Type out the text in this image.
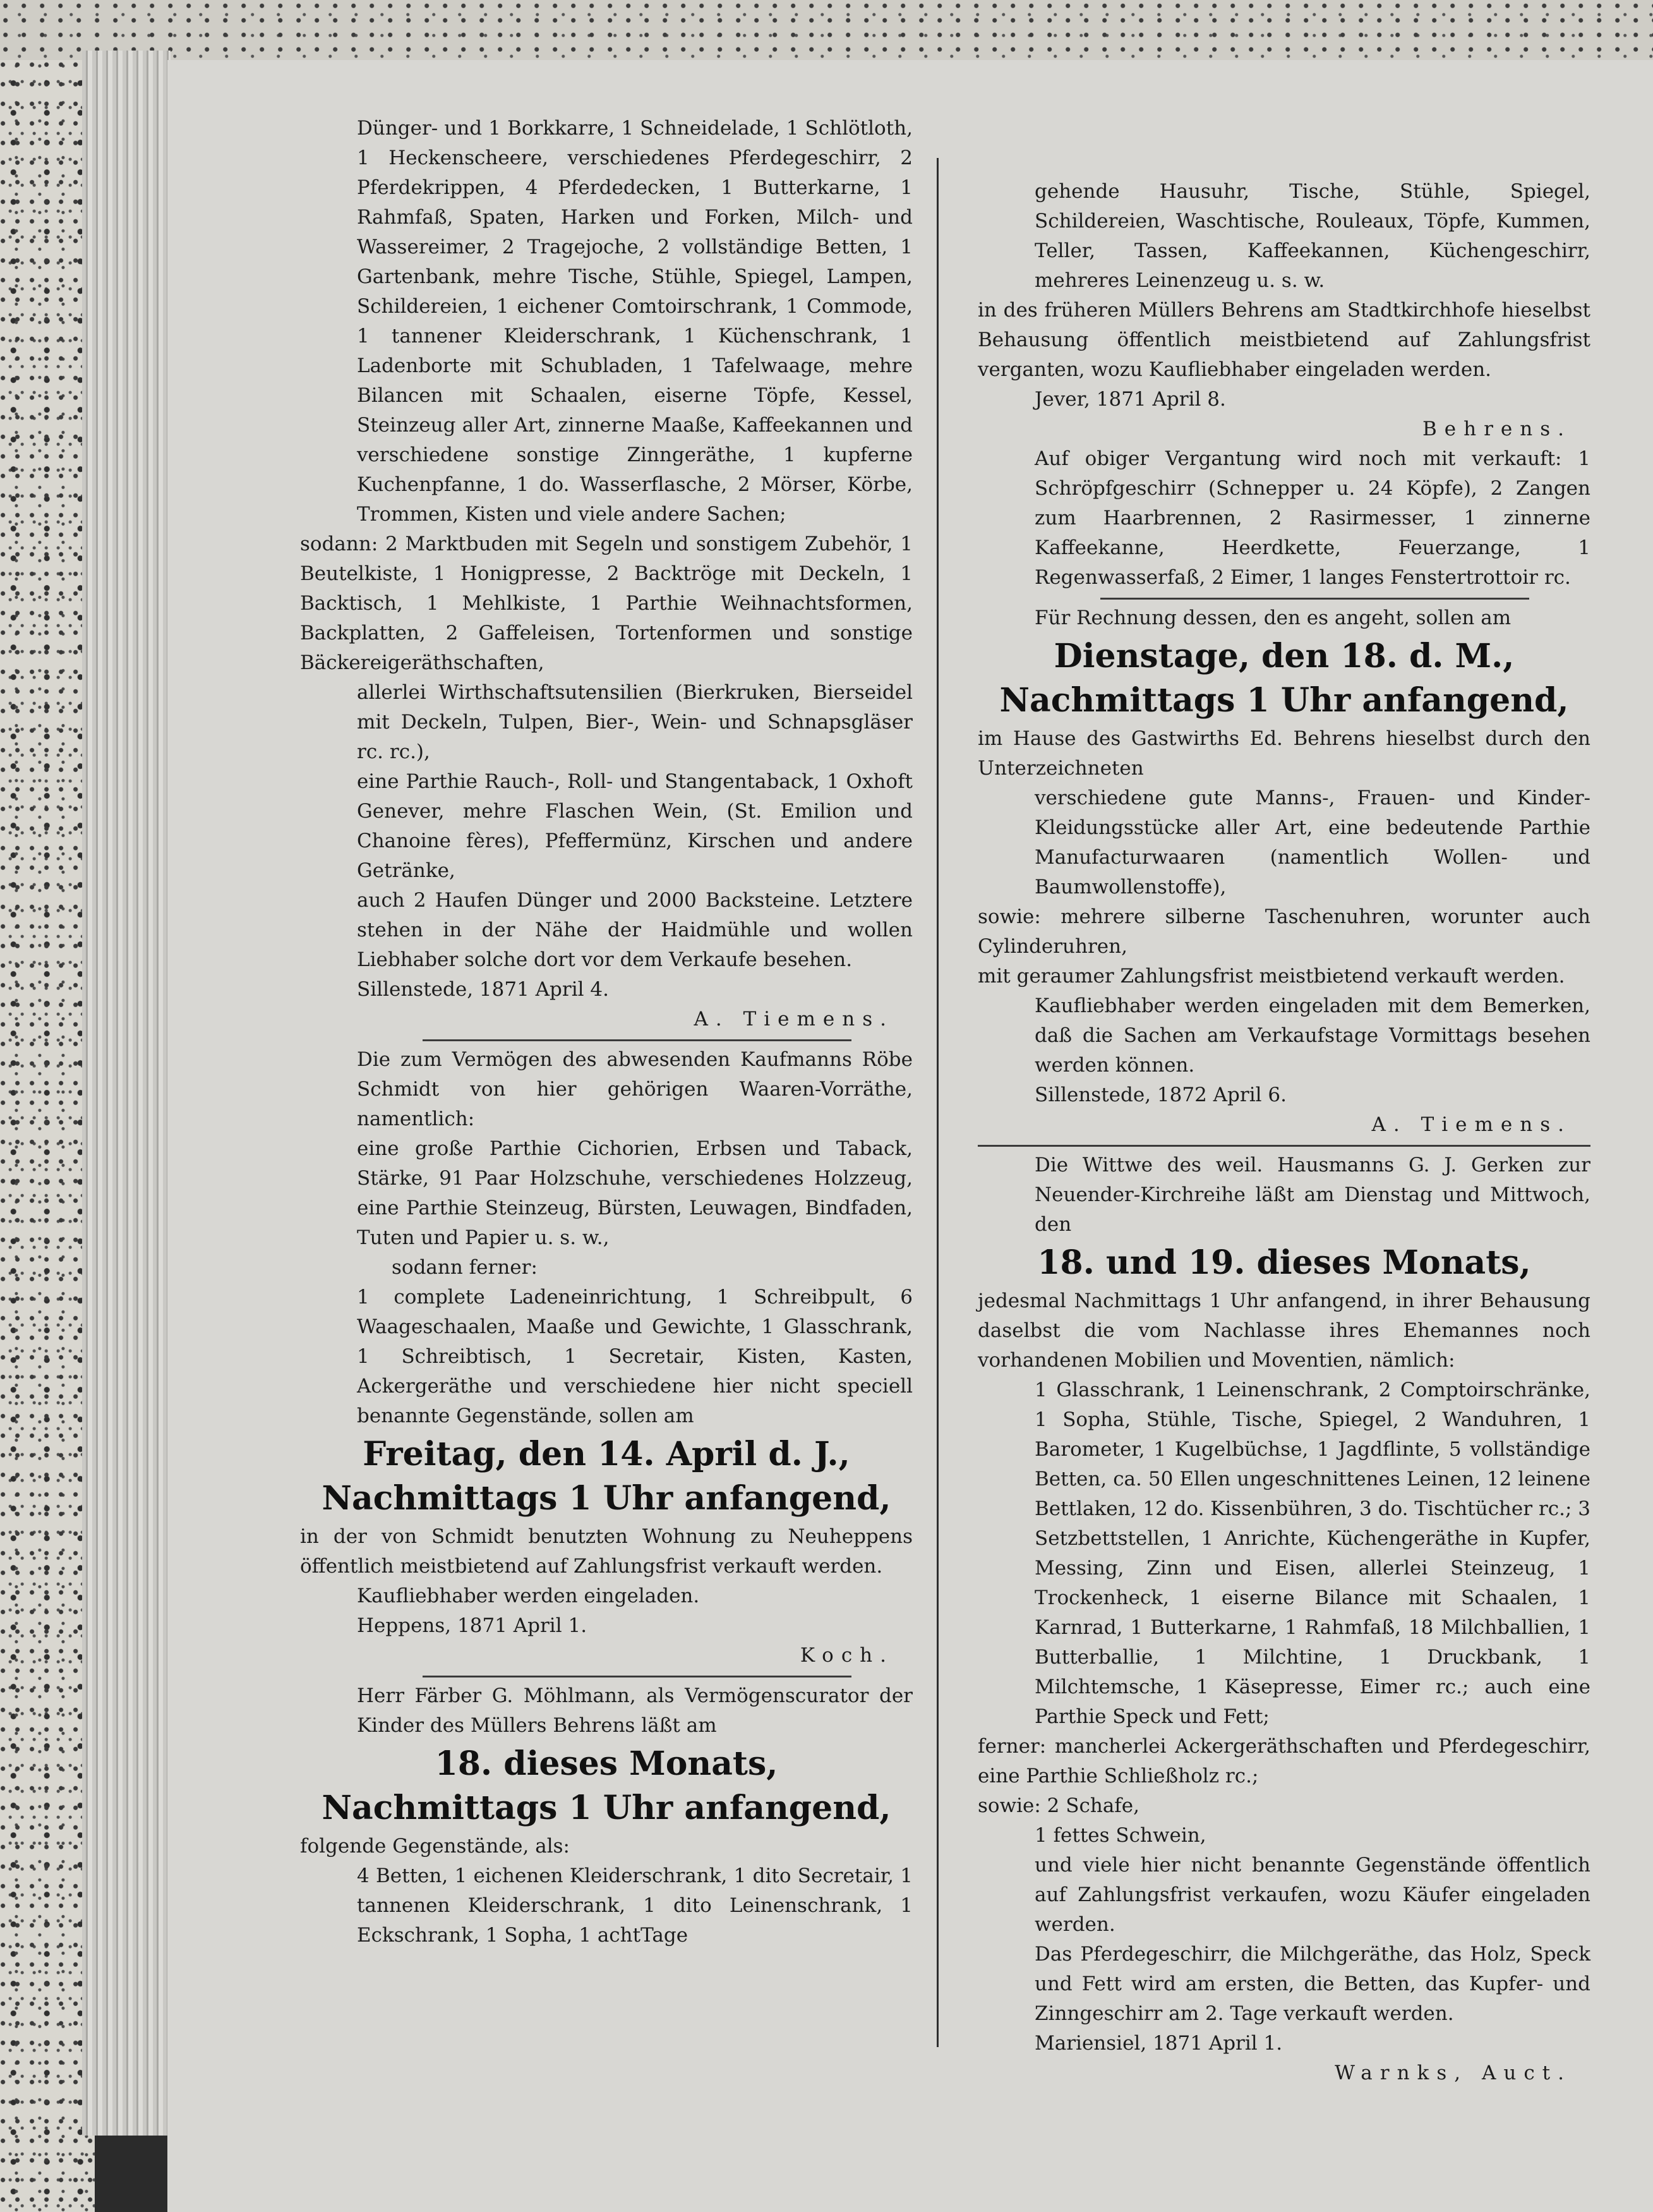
Dünger- und 1 Borkkarre, 1 Schneidelade, 1 Schlötloth, 1 Heckenscheere, verschiedenes Pferdegeschirr, 2 Pferdekrippen, 4 Pferdedecken, 1 Butterkarne, 1 Rahmfaß, Spaten, Harken und Forken, Milch- und Wassereimer, 2 Tragejoche, 2 vollständige Betten, 1 Gartenbank, mehre Tische, Stühle, Spiegel, Lampen, Schildereien, 1 eichener Comtoirschrank, 1 Commode, 1 tannener Kleiderschrank, 1 Küchenschrank, 1 Ladenborte mit Schubladen, 1 Tafelwaage, mehre Bilancen mit Schaalen, eiserne Töpfe, Kessel, Steinzeug aller Art, zinnerne Maaße, Kaffeekannen und verschiedene sonstige Zinngeräthe, 1 kupferne Kuchenpfanne, 1 do. Wasserflasche, 2 Mörser, Körbe, Trommen, Kisten und viele andere Sachen;

sodann: 2 Marktbuden mit Segeln und sonstigem Zubehör, 1 Beutelkiste, 1 Honigpresse, 2 Backtröge mit Deckeln, 1 Backtisch, 1 Mehlkiste, 1 Parthie Weihnachtsformen, Backplatten, 2 Gaffeleisen, Tortenformen und sonstige Bäckereigeräthschaften,

allerlei Wirthschaftsutensilien (Bierkruken, Bierseidel mit Deckeln, Tulpen, Bier-, Wein- und Schnapsgläser rc. rc.),

eine Parthie Rauch-, Roll- und Stangentaback, 1 Oxhoft Genever, mehre Flaschen Wein, (St. Emilion und Chanoine fères), Pfeffermünz, Kirschen und andere Getränke,

auch 2 Haufen Dünger und 2000 Backsteine. Letztere stehen in der Nähe der Haidmühle und wollen Liebhaber solche dort vor dem Verkaufe besehen.

Sillenstede, 1871 April 4.

A. Tiemens.

Die zum Vermögen des abwesenden Kaufmanns Röbe Schmidt von hier gehörigen Waaren-Vorräthe, namentlich:

eine große Parthie Cichorien, Erbsen und Taback, Stärke, 91 Paar Holzschuhe, verschiedenes Holzzeug, eine Parthie Steinzeug, Bürsten, Leuwagen, Bindfaden, Tuten und Papier u. s. w.,

sodann ferner:

1 complete Ladeneinrichtung, 1 Schreibpult, 6 Waageschaalen, Maaße und Gewichte, 1 Glasschrank, 1 Schreibtisch, 1 Secretair, Kisten, Kasten, Ackergeräthe und verschiedene hier nicht speciell benannte Gegenstände, sollen am

Freitag, den 14. April d. J.,
Nachmittags 1 Uhr anfangend,

in der von Schmidt benutzten Wohnung zu Neuheppens öffentlich meistbietend auf Zahlungsfrist verkauft werden.

Kaufliebhaber werden eingeladen.

Heppens, 1871 April 1.

Koch.

Herr Färber G. Möhlmann, als Vermögenscurator der Kinder des Müllers Behrens läßt am

18. dieses Monats,
Nachmittags 1 Uhr anfangend,

folgende Gegenstände, als:

4 Betten, 1 eichenen Kleiderschrank, 1 dito Secretair, 1 tannenen Kleiderschrank, 1 dito Leinenschrank, 1 Eckschrank, 1 Sopha, 1 achtTage

gehende Hausuhr, Tische, Stühle, Spiegel, Schildereien, Waschtische, Rouleaux, Töpfe, Kummen, Teller, Tassen, Kaffeekannen, Küchengeschirr, mehreres Leinenzeug u. s. w.

in des früheren Müllers Behrens am Stadtkirchhofe hieselbst Behausung öffentlich meistbietend auf Zahlungsfrist verganten, wozu Kaufliebhaber eingeladen werden.

Jever, 1871 April 8.

Behrens.

Auf obiger Vergantung wird noch mit verkauft: 1 Schröpfgeschirr (Schnepper u. 24 Köpfe), 2 Zangen zum Haarbrennen, 2 Rasirmesser, 1 zinnerne Kaffeekanne, Heerdkette, Feuerzange, 1 Regenwasserfaß, 2 Eimer, 1 langes Fenstertrottoir rc.

Für Rechnung dessen, den es angeht, sollen am

Dienstage, den 18. d. M.,
Nachmittags 1 Uhr anfangend,

im Hause des Gastwirths Ed. Behrens hieselbst durch den Unterzeichneten

verschiedene gute Manns-, Frauen- und Kinder-Kleidungsstücke aller Art, eine bedeutende Parthie Manufacturwaaren (namentlich Wollen- und Baumwollenstoffe),

sowie: mehrere silberne Taschenuhren, worunter auch Cylinderuhren,

mit geraumer Zahlungsfrist meistbietend verkauft werden.

Kaufliebhaber werden eingeladen mit dem Bemerken, daß die Sachen am Verkaufstage Vormittags besehen werden können.

Sillenstede, 1872 April 6.

A. Tiemens.

Die Wittwe des weil. Hausmanns G. J. Gerken zur Neuender-Kirchreihe läßt am Dienstag und Mittwoch, den

18. und 19. dieses Monats,

jedesmal Nachmittags 1 Uhr anfangend, in ihrer Behausung daselbst die vom Nachlasse ihres Ehemannes noch vorhandenen Mobilien und Moventien, nämlich:

1 Glasschrank, 1 Leinenschrank, 2 Comptoirschränke, 1 Sopha, Stühle, Tische, Spiegel, 2 Wanduhren, 1 Barometer, 1 Kugelbüchse, 1 Jagdflinte, 5 vollständige Betten, ca. 50 Ellen ungeschnittenes Leinen, 12 leinene Bettlaken, 12 do. Kissenbühren, 3 do. Tischtücher rc.; 3 Setzbettstellen, 1 Anrichte, Küchengeräthe in Kupfer, Messing, Zinn und Eisen, allerlei Steinzeug, 1 Trockenheck, 1 eiserne Bilance mit Schaalen, 1 Karnrad, 1 Butterkarne, 1 Rahmfaß, 18 Milchballien, 1 Butterballie, 1 Milchtine, 1 Druckbank, 1 Milchtemsche, 1 Käsepresse, Eimer rc.; auch eine Parthie Speck und Fett;

ferner: mancherlei Ackergeräthschaften und Pferdegeschirr, eine Parthie Schließholz rc.;

sowie: 2 Schafe,

1 fettes Schwein,

und viele hier nicht benannte Gegenstände öffentlich auf Zahlungsfrist verkaufen, wozu Käufer eingeladen werden.

Das Pferdegeschirr, die Milchgeräthe, das Holz, Speck und Fett wird am ersten, die Betten, das Kupfer- und Zinngeschirr am 2. Tage verkauft werden.

Mariensiel, 1871 April 1.

Warnks, Auct.
